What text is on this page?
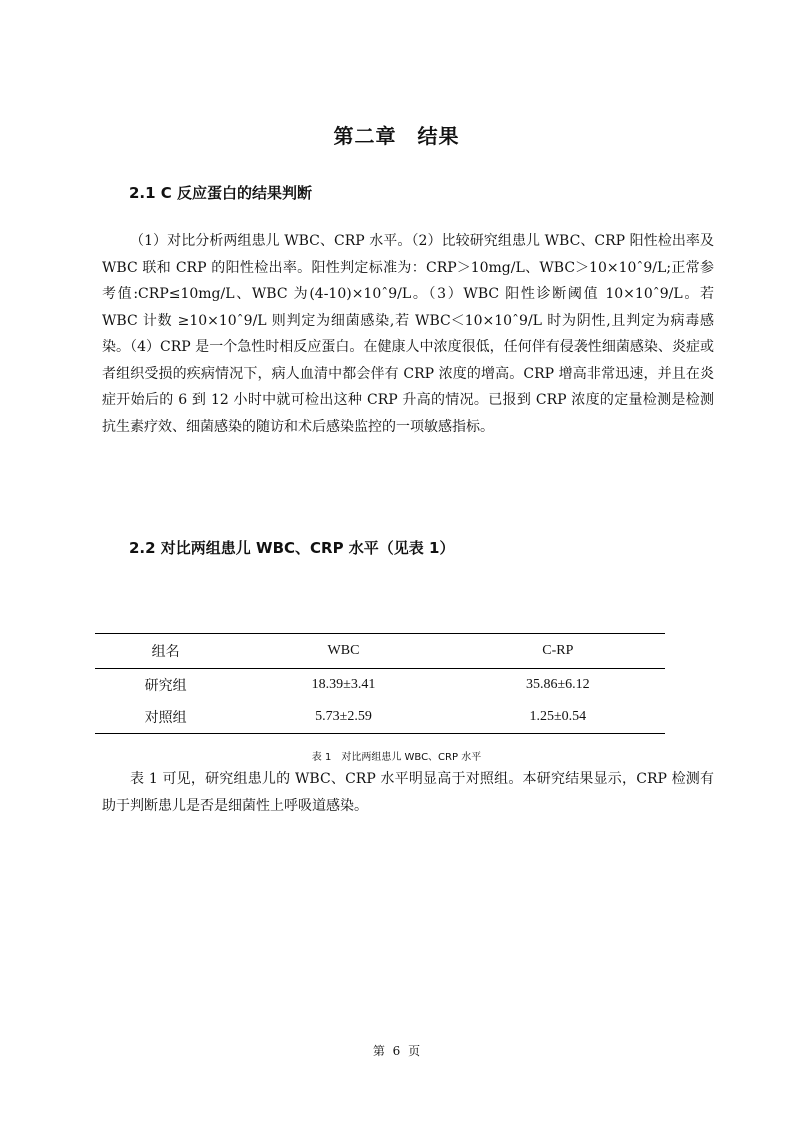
第二章　结果
2.1 C 反应蛋白的结果判断

（1）对比分析两组患儿 WBC、CRP 水平。（2）比较研究组患儿 WBC、CRP 阳性检出率及 WBC 联和 CRP 的阳性检出率。阳性判定标准为：CRP＞10mg/L、WBC＞10×10ˆ9/L;正常参考值:CRP≤10mg/L、WBC 为(4-10)×10ˆ9/L。（3）WBC 阳性诊断阈值 10×10ˆ9/L。若 WBC 计数 ≥10×10ˆ9/L 则判定为细菌感染,若 WBC＜10×10ˆ9/L 时为阴性,且判定为病毒感染。（4）CRP 是一个急性时相反应蛋白。在健康人中浓度很低，任何伴有侵袭性细菌感染、炎症或者组织受损的疾病情况下，病人血清中都会伴有 CRP 浓度的增高。CRP 增高非常迅速，并且在炎症开始后的 6 到 12 小时中就可检出这种 CRP 升高的情况。已报到 CRP 浓度的定量检测是检测抗生素疗效、细菌感染的随访和术后感染监控的一项敏感指标。

2.2 对比两组患儿 WBC、CRP 水平（见表 1）
组名	WBC	C-RP
研究组	18.39±3.41	35.86±6.12
对照组	5.73±2.59	1.25±0.54

表 1　对比两组患儿 WBC、CRP 水平

表 1 可见，研究组患儿的 WBC、CRP 水平明显高于对照组。本研究结果显示，CRP 检测有助于判断患儿是否是细菌性上呼吸道感染。

第 6 页
